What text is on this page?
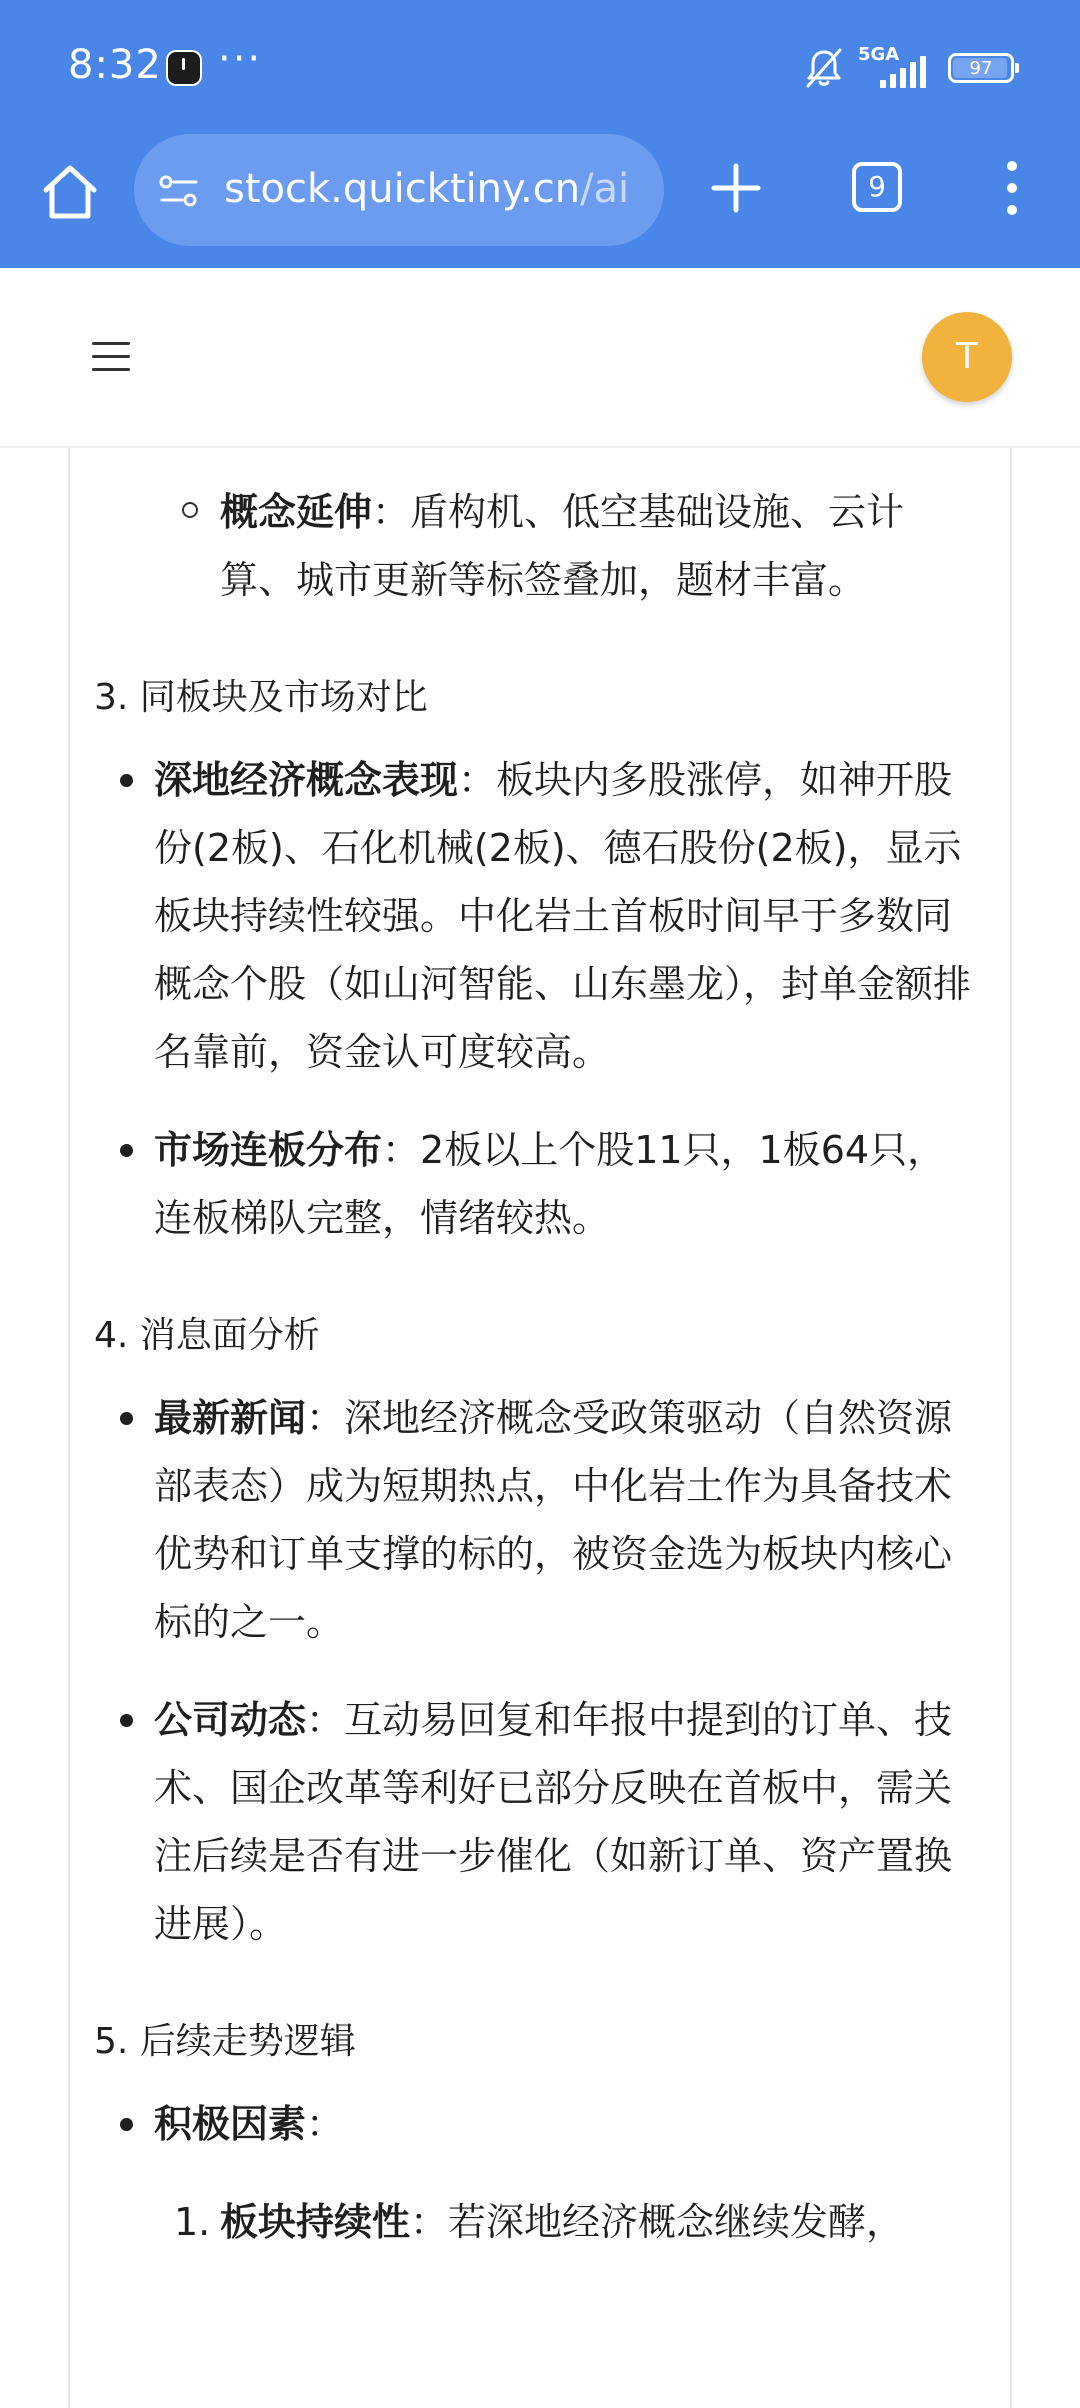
8:32 ···	5GA
97
stock.quicktiny.cn/ai	9
T
概念延伸：盾构机、低空基础设施、云计算、城市更新等标签叠加，题材丰富。
3. 同板块及市场对比
深地经济概念表现：板块内多股涨停，如神开股份(2板)、石化机械(2板)、德石股份(2板)，显示板块持续性较强。中化岩土首板时间早于多数同概念个股（如山河智能、山东墨龙），封单金额排名靠前，资金认可度较高。
市场连板分布：2板以上个股11只，1板64只，连板梯队完整，情绪较热。
4. 消息面分析
最新新闻：深地经济概念受政策驱动（自然资源部表态）成为短期热点，中化岩土作为具备技术优势和订单支撑的标的，被资金选为板块内核心标的之一。
公司动态：互动易回复和年报中提到的订单、技术、国企改革等利好已部分反映在首板中，需关注后续是否有进一步催化（如新订单、资产置换进展）。
5. 后续走势逻辑
积极因素：
1. 板块持续性：若深地经济概念继续发酵，
